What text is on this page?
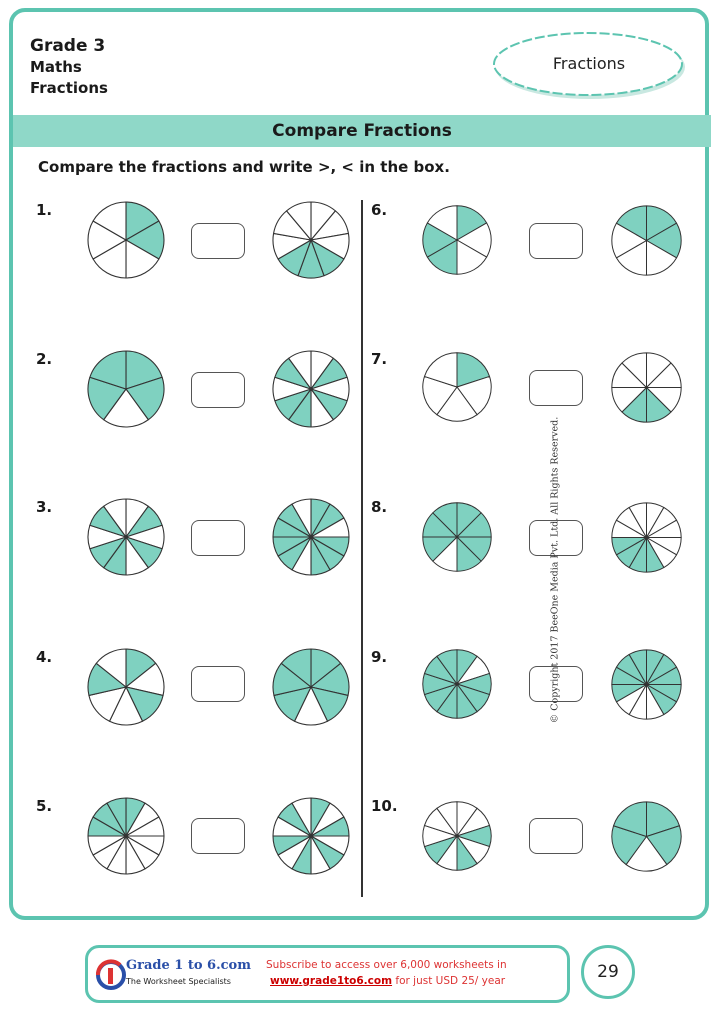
Grade 3
Maths
Fractions
Fractions
Compare Fractions
Compare the fractions and write >, < in the box.
1.
2.
3.
4.
5.
6.
7.
8.
9.
10.
© Copyright 2017 BeeOne Media Pvt. Ltd. All Rights Reserved.
Grade 1 to 6.com
The Worksheet Specialists
Subscribe to access over 6,000 worksheets in
www.grade1to6.com for just USD 25/ year	29
